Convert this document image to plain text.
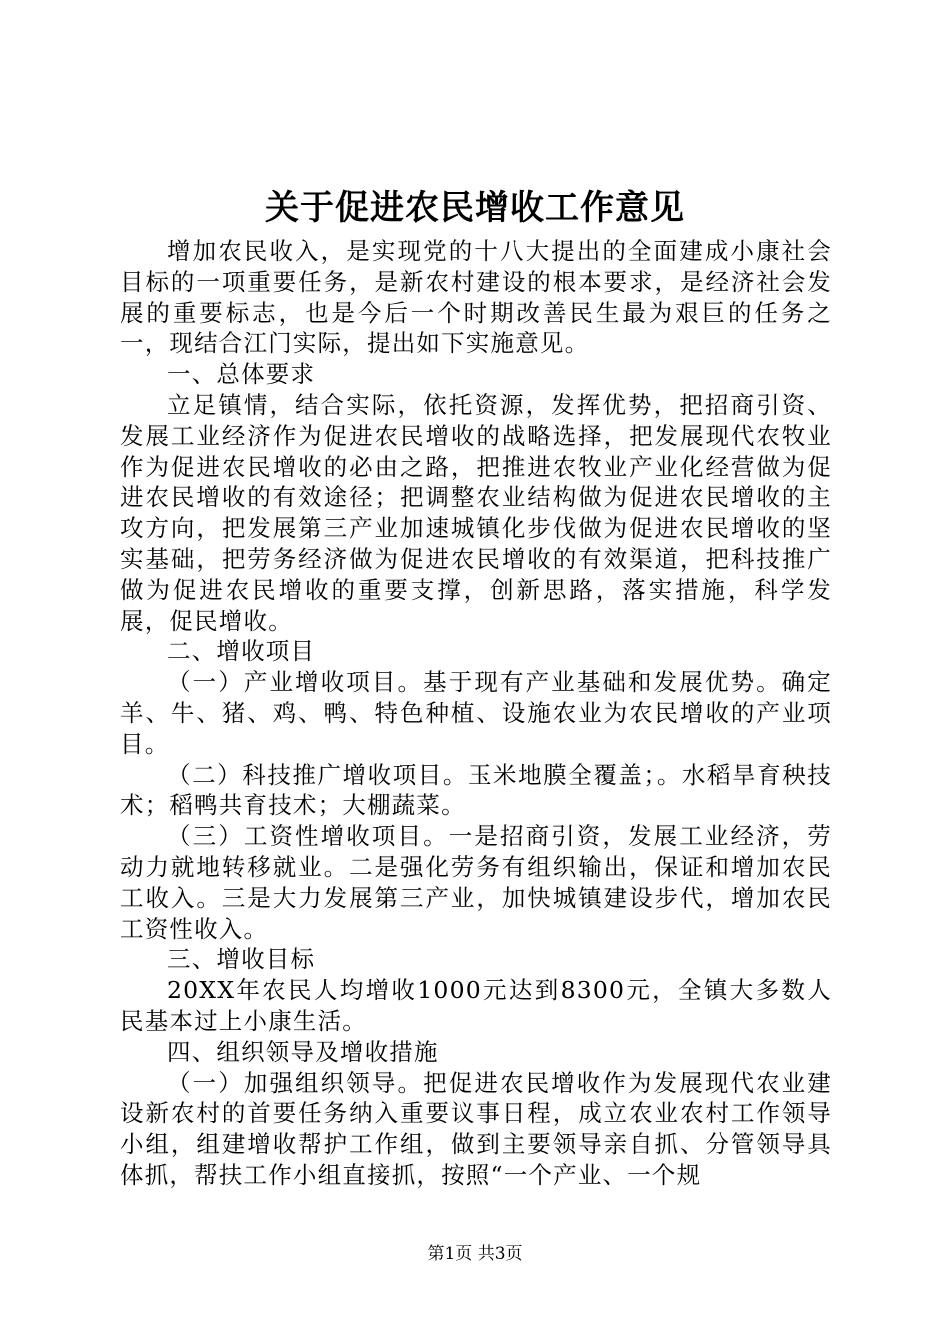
关于促进农民增收工作意见

增加农民收入，是实现党的十八大提出的全面建成小康社会目标的一项重要任务，是新农村建设的根本要求，是经济社会发展的重要标志，也是今后一个时期改善民生最为艰巨的任务之一，现结合江门实际，提出如下实施意见。

一、总体要求

立足镇情，结合实际，依托资源，发挥优势，把招商引资、发展工业经济作为促进农民增收的战略选择，把发展现代农牧业作为促进农民增收的必由之路，把推进农牧业产业化经营做为促进农民增收的有效途径；把调整农业结构做为促进农民增收的主攻方向，把发展第三产业加速城镇化步伐做为促进农民增收的坚实基础，把劳务经济做为促进农民增收的有效渠道，把科技推广做为促进农民增收的重要支撑，创新思路，落实措施，科学发展，促民增收。

二、增收项目

（一）产业增收项目。基于现有产业基础和发展优势。确定羊、牛、猪、鸡、鸭、特色种植、设施农业为农民增收的产业项目。

（二）科技推广增收项目。玉米地膜全覆盖；。水稻旱育秧技术；稻鸭共育技术；大棚蔬菜。

（三）工资性增收项目。一是招商引资，发展工业经济，劳动力就地转移就业。二是强化劳务有组织输出，保证和增加农民工收入。三是大力发展第三产业，加快城镇建设步代，增加农民工资性收入。

三、增收目标

20XX年农民人均增收1000元达到8300元，全镇大多数人民基本过上小康生活。

四、组织领导及增收措施

（一）加强组织领导。把促进农民增收作为发展现代农业建设新农村的首要任务纳入重要议事日程，成立农业农村工作领导小组，组建增收帮护工作组，做到主要领导亲自抓、分管领导具体抓，帮扶工作小组直接抓，按照“一个产业、一个规

第1页 共3页
